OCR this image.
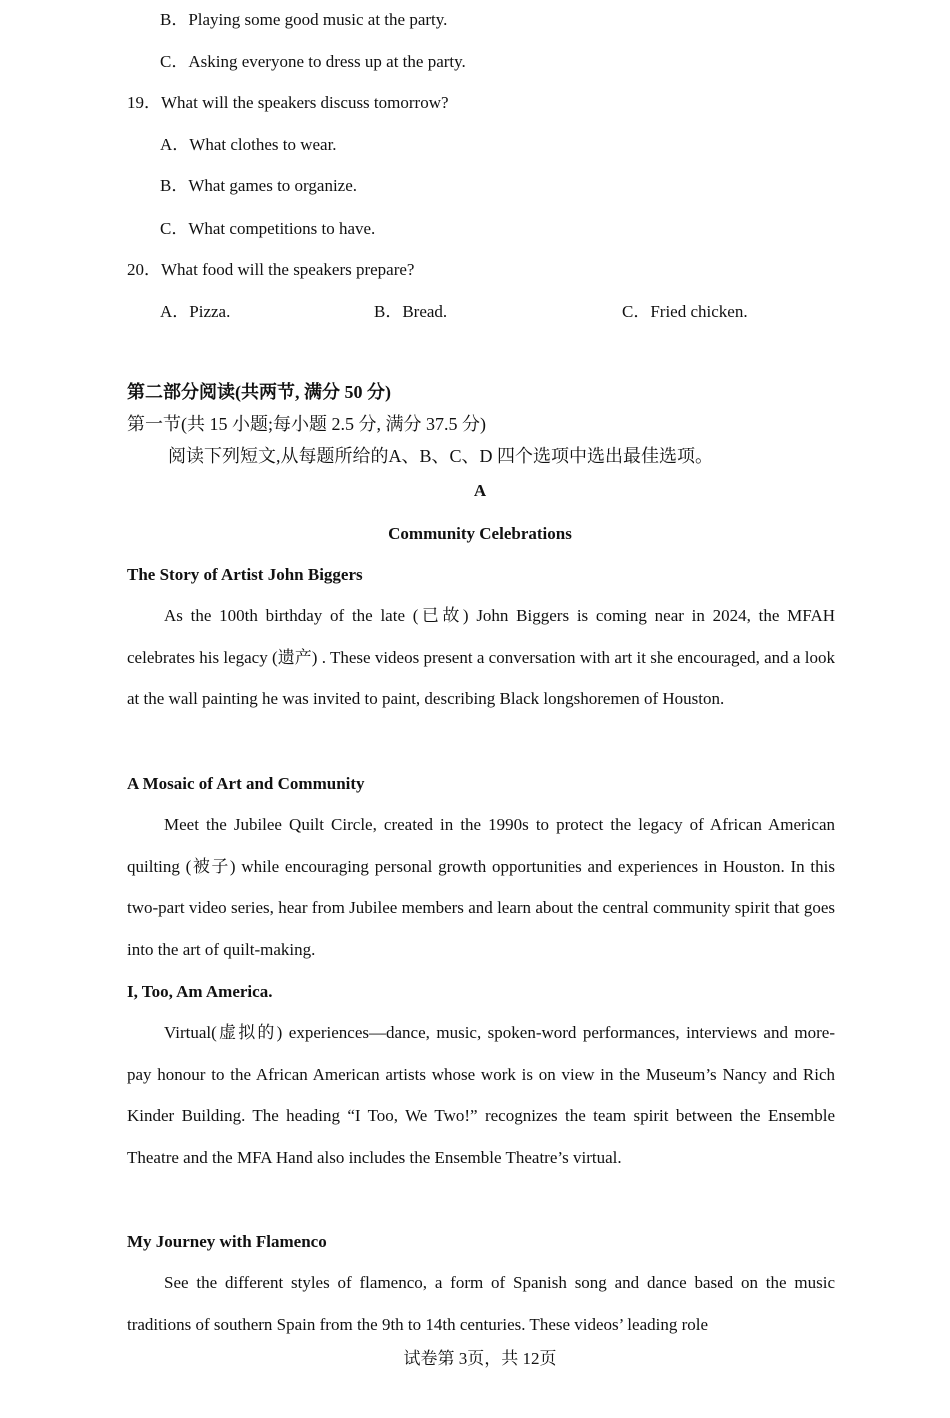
B．Playing some good music at the party.
C．Asking everyone to dress up at the party.
19．What will the speakers discuss tomorrow?
A．What clothes to wear.
B．What games to organize.
C．What competitions to have.
20．What food will the speakers prepare?
A．Pizza.	B．Bread.	C．Fried chicken.
第二部分阅读(共两节, 满分 50 分)
第一节(共 15 小题;每小题 2.5 分, 满分 37.5 分)
阅读下列短文,从每题所给的A、B、C、D 四个选项中选出最佳选项。
A
Community Celebrations
The Story of Artist John Biggers

As the 100th birthday of the late (已故) John Biggers is coming near in 2024, the MFAH celebrates his legacy (遗产) . These videos present a conversation with art it she encouraged, and a look at the wall painting he was invited to paint, describing Black longshoremen of Houston.

A Mosaic of Art and Community

Meet the Jubilee Quilt Circle, created in the 1990s to protect the legacy of African American quilting (被子) while encouraging personal growth opportunities and experiences in Houston. In this two-part video series, hear from Jubilee members and learn about the central community spirit that goes into the art of quilt-making.

I, Too, Am America.

Virtual(虚拟的) experiences—dance, music, spoken-word performances, interviews and more-pay honour to the African American artists whose work is on view in the Museum’s Nancy and Rich Kinder Building. The heading “I Too, We Two!” recognizes the team spirit between the Ensemble Theatre and the MFA Hand also includes the Ensemble Theatre’s virtual.

My Journey with Flamenco

See the different styles of flamenco, a form of Spanish song and dance based on the music traditions of southern Spain from the 9th to 14th centuries. These videos’ leading role

试卷第 3页，共 12页
